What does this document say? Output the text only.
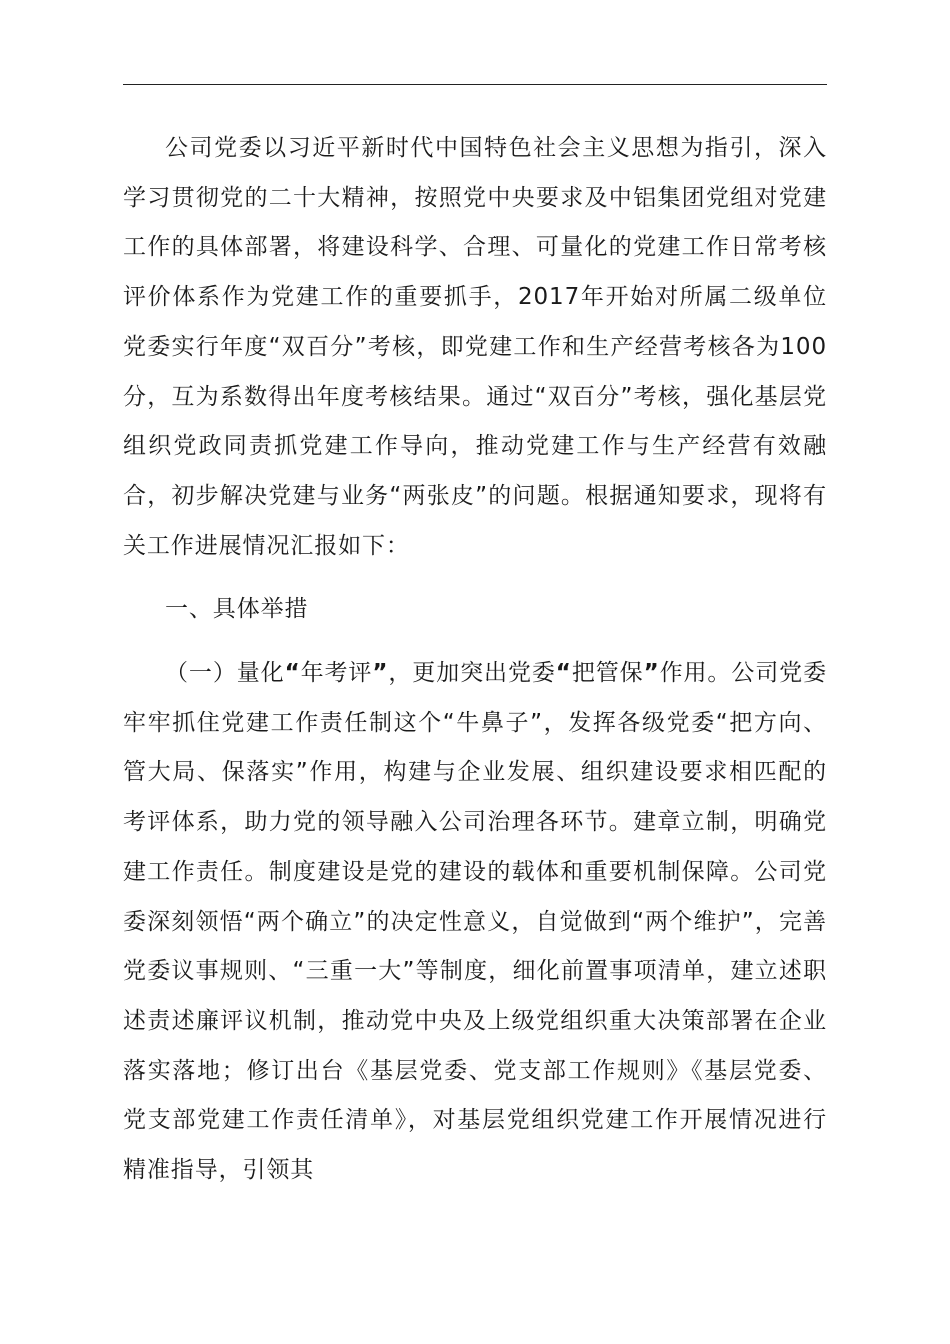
公司党委以习近平新时代中国特色社会主义思想为指引，深入学习贯彻党的二十大精神，按照党中央要求及中铝集团党组对党建工作的具体部署，将建设科学、合理、可量化的党建工作日常考核评价体系作为党建工作的重要抓手，2017年开始对所属二级单位党委实行年度“双百分”考核，即党建工作和生产经营考核各为100分，互为系数得出年度考核结果。通过“双百分”考核，强化基层党组织党政同责抓党建工作导向，推动党建工作与生产经营有效融合，初步解决党建与业务“两张皮”的问题。根据通知要求，现将有关工作进展情况汇报如下：

一、具体举措

（一）量化“年考评”，更加突出党委“把管保”作用。公司党委牢牢抓住党建工作责任制这个“牛鼻子”，发挥各级党委“把方向、管大局、保落实”作用，构建与企业发展、组织建设要求相匹配的考评体系，助力党的领导融入公司治理各环节。建章立制，明确党建工作责任。制度建设是党的建设的载体和重要机制保障。公司党委深刻领悟“两个确立”的决定性意义，自觉做到“两个维护”，完善党委议事规则、“三重一大”等制度，细化前置事项清单，建立述职述责述廉评议机制，推动党中央及上级党组织重大决策部署在企业落实落地；修订出台《基层党委、党支部工作规则》《基层党委、党支部党建工作责任清单》，对基层党组织党建工作开展情况进行精准指导，引领其
